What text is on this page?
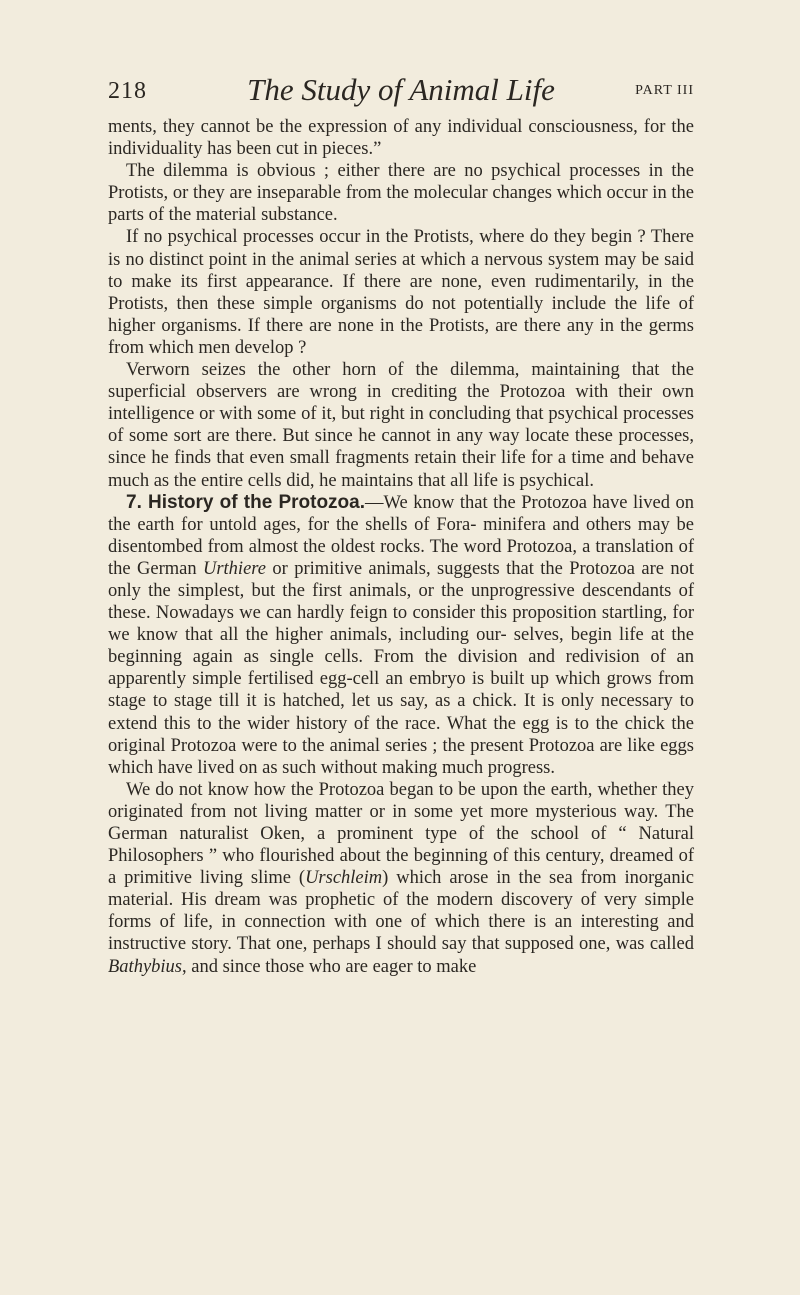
218	The Study of Animal Life	PART III

ments, they cannot be the expression of any individual consciousness, for the individuality has been cut in pieces.”

The dilemma is obvious ; either there are no psychical processes in the Protists, or they are inseparable from the molecular changes which occur in the parts of the material substance.

If no psychical processes occur in the Protists, where do they begin ? There is no distinct point in the animal series at which a nervous system may be said to make its first appearance. If there are none, even rudimentarily, in the Protists, then these simple organisms do not potentially include the life of higher organisms. If there are none in the Protists, are there any in the germs from which men develop ?

Verworn seizes the other horn of the dilemma, maintaining that the superficial observers are wrong in crediting the Protozoa with their own intelligence or with some of it, but right in concluding that psychical processes of some sort are there. But since he cannot in any way locate these processes, since he finds that even small fragments retain their life for a time and behave much as the entire cells did, he maintains that all life is psychical.

7. History of the Protozoa.—We know that the Protozoa have lived on the earth for untold ages, for the shells of Fora- minifera and others may be disentombed from almost the oldest rocks. The word Protozoa, a translation of the German Urthiere or primitive animals, suggests that the Protozoa are not only the simplest, but the first animals, or the unprogressive descendants of these. Nowadays we can hardly feign to consider this proposition startling, for we know that all the higher animals, including our- selves, begin life at the beginning again as single cells. From the division and redivision of an apparently simple fertilised egg-cell an embryo is built up which grows from stage to stage till it is hatched, let us say, as a chick. It is only necessary to extend this to the wider history of the race. What the egg is to the chick the original Protozoa were to the animal series ; the present Protozoa are like eggs which have lived on as such without making much progress.

We do not know how the Protozoa began to be upon the earth, whether they originated from not living matter or in some yet more mysterious way. The German naturalist Oken, a prominent type of the school of “ Natural Philosophers ” who flourished about the beginning of this century, dreamed of a primitive living slime (Urschleim) which arose in the sea from inorganic material. His dream was prophetic of the modern discovery of very simple forms of life, in connection with one of which there is an interesting and instructive story. That one, perhaps I should say that supposed one, was called Bathybius, and since those who are eager to make
